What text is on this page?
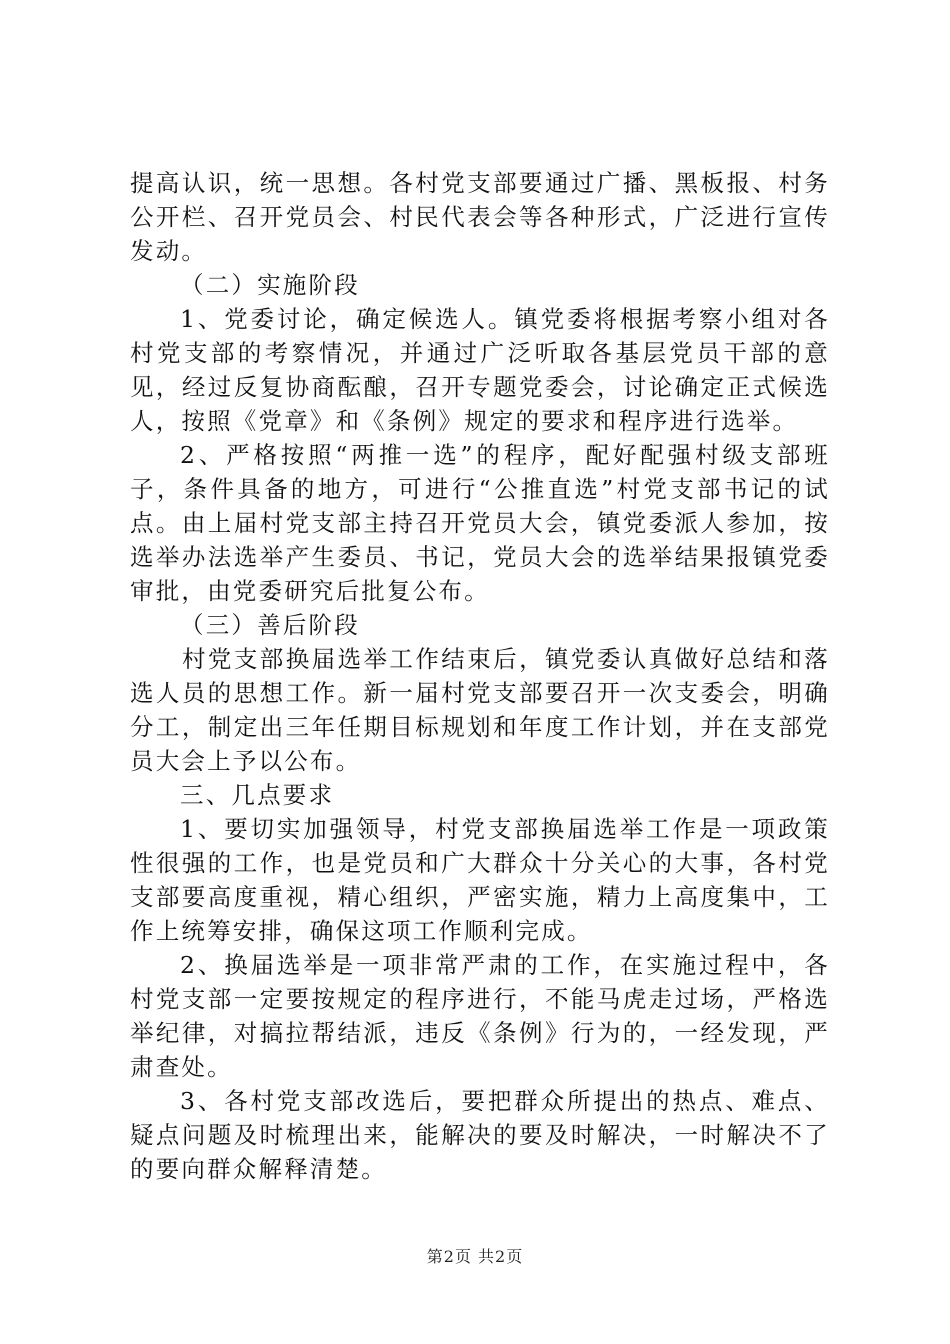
提高认识，统一思想。各村党支部要通过广播、黑板报、村务公开栏、召开党员会、村民代表会等各种形式，广泛进行宣传发动。

（二）实施阶段

1、党委讨论，确定候选人。镇党委将根据考察小组对各村党支部的考察情况，并通过广泛听取各基层党员干部的意见，经过反复协商酝酿，召开专题党委会，讨论确定正式候选人，按照《党章》和《条例》规定的要求和程序进行选举。

2、严格按照“两推一选”的程序，配好配强村级支部班子，条件具备的地方，可进行“公推直选”村党支部书记的试点。由上届村党支部主持召开党员大会，镇党委派人参加，按选举办法选举产生委员、书记，党员大会的选举结果报镇党委审批，由党委研究后批复公布。

（三）善后阶段

村党支部换届选举工作结束后，镇党委认真做好总结和落选人员的思想工作。新一届村党支部要召开一次支委会，明确分工，制定出三年任期目标规划和年度工作计划，并在支部党员大会上予以公布。

三、几点要求

1、要切实加强领导，村党支部换届选举工作是一项政策性很强的工作，也是党员和广大群众十分关心的大事，各村党支部要高度重视，精心组织，严密实施，精力上高度集中，工作上统筹安排，确保这项工作顺利完成。

2、换届选举是一项非常严肃的工作，在实施过程中，各村党支部一定要按规定的程序进行，不能马虎走过场，严格选举纪律，对搞拉帮结派，违反《条例》行为的，一经发现，严肃查处。

3、各村党支部改选后，要把群众所提出的热点、难点、疑点问题及时梳理出来，能解决的要及时解决，一时解决不了的要向群众解释清楚。

第2页 共2页
